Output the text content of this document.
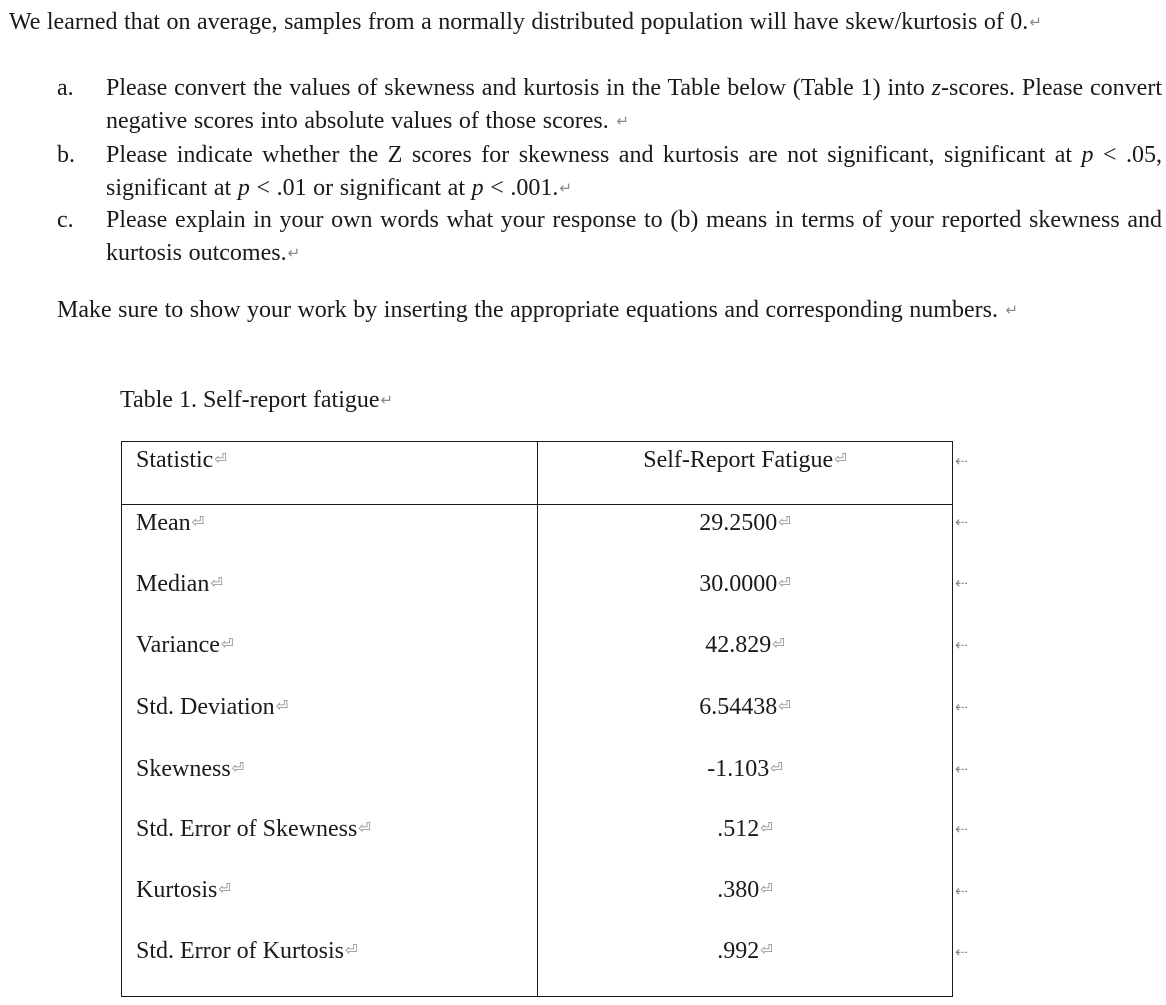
We learned that on average, samples from a normally distributed population will have skew/kurtosis of 0.↵
a. Please convert the values of skewness and kurtosis in the Table below (Table 1) into z-scores. Please convert negative scores into absolute values of those scores. ↵
b. Please indicate whether the Z scores for skewness and kurtosis are not significant, significant at p < .05, significant at p < .01 or significant at p < .001.↵
c. Please explain in your own words what your response to (b) means in terms of your reported skewness and kurtosis outcomes.↵
Make sure to show your work by inserting the appropriate equations and corresponding numbers. ↵
Table 1. Self-report fatigue↵
Statistic⏎	Self-Report Fatigue⏎
Mean⏎	29.2500⏎
Median⏎	30.0000⏎
Variance⏎	42.829⏎
Std. Deviation⏎	6.54438⏎
Skewness⏎	-1.103⏎
Std. Error of Skewness⏎	.512⏎
Kurtosis⏎	.380⏎
Std. Error of Kurtosis⏎	.992⏎
⇠
⇠
⇠
⇠
⇠
⇠
⇠
⇠
⇠
